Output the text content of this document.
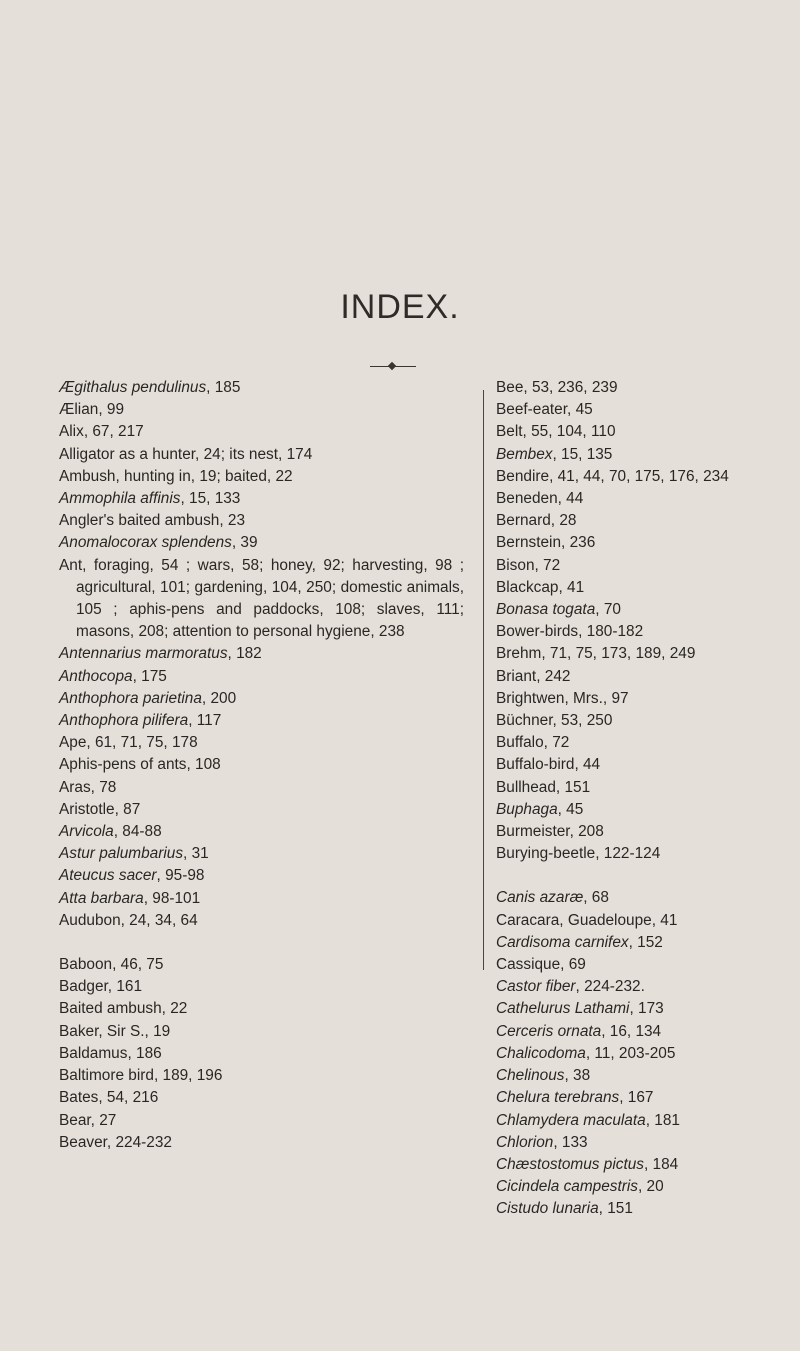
INDEX.
Ægithalus pendulinus, 185
Ælian, 99
Alix, 67, 217
Alligator as a hunter, 24; its nest, 174
Ambush, hunting in, 19; baited, 22
Ammophila affinis, 15, 133
Angler's baited ambush, 23
Anomalocorax splendens, 39
Ant, foraging, 54 ; wars, 58; honey, 92; harvesting, 98 ; agricultural, 101; gardening, 104, 250; domestic animals, 105 ; aphis-pens and paddocks, 108; slaves, 111; masons, 208; attention to personal hygiene, 238
Antennarius marmoratus, 182
Anthocopa, 175
Anthophora parietina, 200
Anthophora pilifera, 117
Ape, 61, 71, 75, 178
Aphis-pens of ants, 108
Aras, 78
Aristotle, 87
Arvicola, 84-88
Astur palumbarius, 31
Ateucus sacer, 95-98
Atta barbara, 98-101
Audubon, 24, 34, 64
Baboon, 46, 75
Badger, 161
Baited ambush, 22
Baker, Sir S., 19
Baldamus, 186
Baltimore bird, 189, 196
Bates, 54, 216
Bear, 27
Beaver, 224-232
Bee, 53, 236, 239
Beef-eater, 45
Belt, 55, 104, 110
Bembex, 15, 135
Bendire, 41, 44, 70, 175, 176, 234
Beneden, 44
Bernard, 28
Bernstein, 236
Bison, 72
Blackcap, 41
Bonasa togata, 70
Bower-birds, 180-182
Brehm, 71, 75, 173, 189, 249
Briant, 242
Brightwen, Mrs., 97
Büchner, 53, 250
Buffalo, 72
Buffalo-bird, 44
Bullhead, 151
Buphaga, 45
Burmeister, 208
Burying-beetle, 122-124
Canis azaræ, 68
Caracara, Guadeloupe, 41
Cardisoma carnifex, 152
Cassique, 69
Castor fiber, 224-232.
Cathelurus Lathami, 173
Cerceris ornata, 16, 134
Chalicodoma, 11, 203-205
Chelinous, 38
Chelura terebrans, 167
Chlamydera maculata, 181
Chlorion, 133
Chæstostomus pictus, 184
Cicindela campestris, 20
Cistudo lunaria, 151
